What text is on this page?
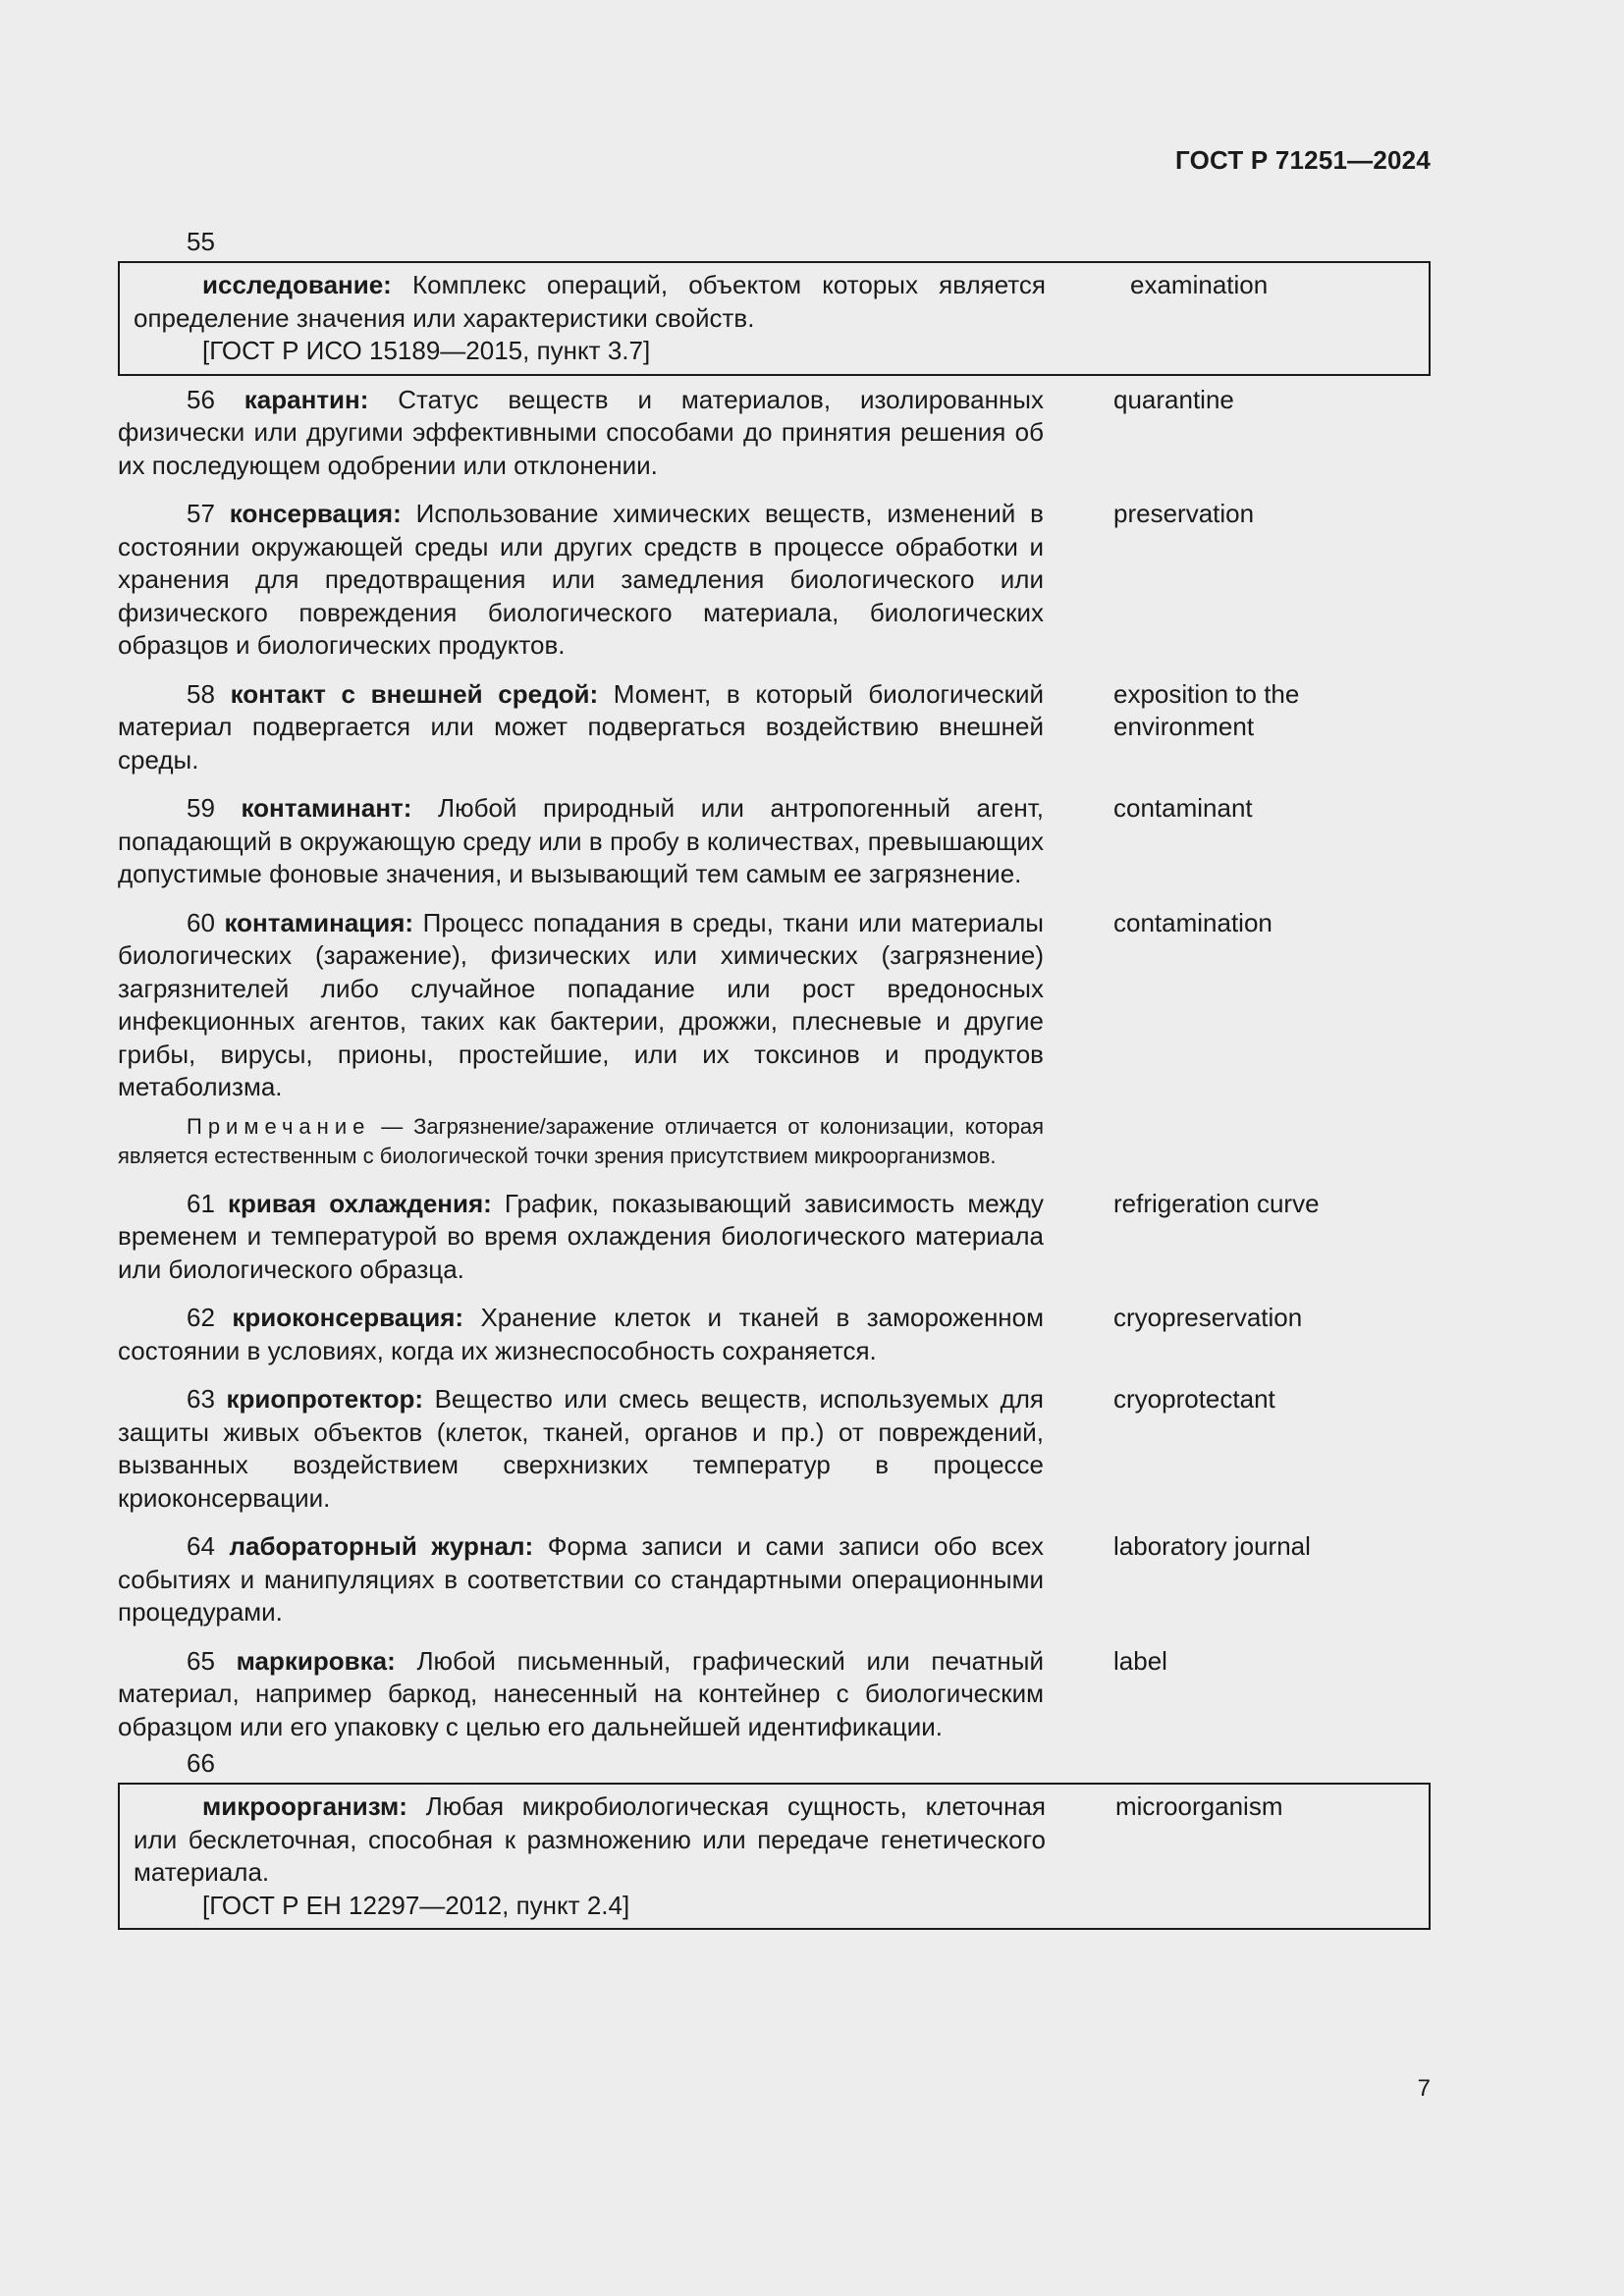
ГОСТ Р 71251—2024
55
исследование: Комплекс операций, объектом которых является определение значения или характеристики свойств.
examination
[ГОСТ Р ИСО 15189—2015, пункт 3.7]
56 карантин: Статус веществ и материалов, изолированных физически или другими эффективными способами до принятия решения об их последующем одобрении или отклонении.
quarantine
57 консервация: Использование химических веществ, изменений в состоянии окружающей среды или других средств в процессе обработки и хранения для предотвращения или замедления биологического или физического повреждения биологического материала, биологических образцов и биологических продуктов.
preservation
58 контакт с внешней средой: Момент, в который биологический материал подвергается или может подвергаться воздействию внешней среды.
exposition to the environment
59 контаминант: Любой природный или антропогенный агент, попадающий в окружающую среду или в пробу в количествах, превышающих допустимые фоновые значения, и вызывающий тем самым ее загрязнение.
contaminant
60 контаминация: Процесс попадания в среды, ткани или материалы биологических (заражение), физических или химических (загрязнение) загрязнителей либо случайное попадание или рост вредоносных инфекционных агентов, таких как бактерии, дрожжи, плесневые и другие грибы, вирусы, прионы, простейшие, или их токсинов и продуктов метаболизма.
contamination
Примечание — Загрязнение/заражение отличается от колонизации, которая является естественным с биологической точки зрения присутствием микроорганизмов.
61 кривая охлаждения: График, показывающий зависимость между временем и температурой во время охлаждения биологического материала или биологического образца.
refrigeration curve
62 криоконсервация: Хранение клеток и тканей в замороженном состоянии в условиях, когда их жизнеспособность сохраняется.
cryopreservation
63 криопротектор: Вещество или смесь веществ, используемых для защиты живых объектов (клеток, тканей, органов и пр.) от повреждений, вызванных воздействием сверхнизких температур в процессе криоконсервации.
cryoprotectant
64 лабораторный журнал: Форма записи и сами записи обо всех событиях и манипуляциях в соответствии со стандартными операционными процедурами.
laboratory journal
65 маркировка: Любой письменный, графический или печатный материал, например баркод, нанесенный на контейнер с биологическим образцом или его упаковку с целью его дальнейшей идентификации.
label
66
микроорганизм: Любая микробиологическая сущность, клеточная или бесклеточная, способная к размножению или передаче генетического материала.
microorganism
[ГОСТ Р ЕН 12297—2012, пункт 2.4]
7
